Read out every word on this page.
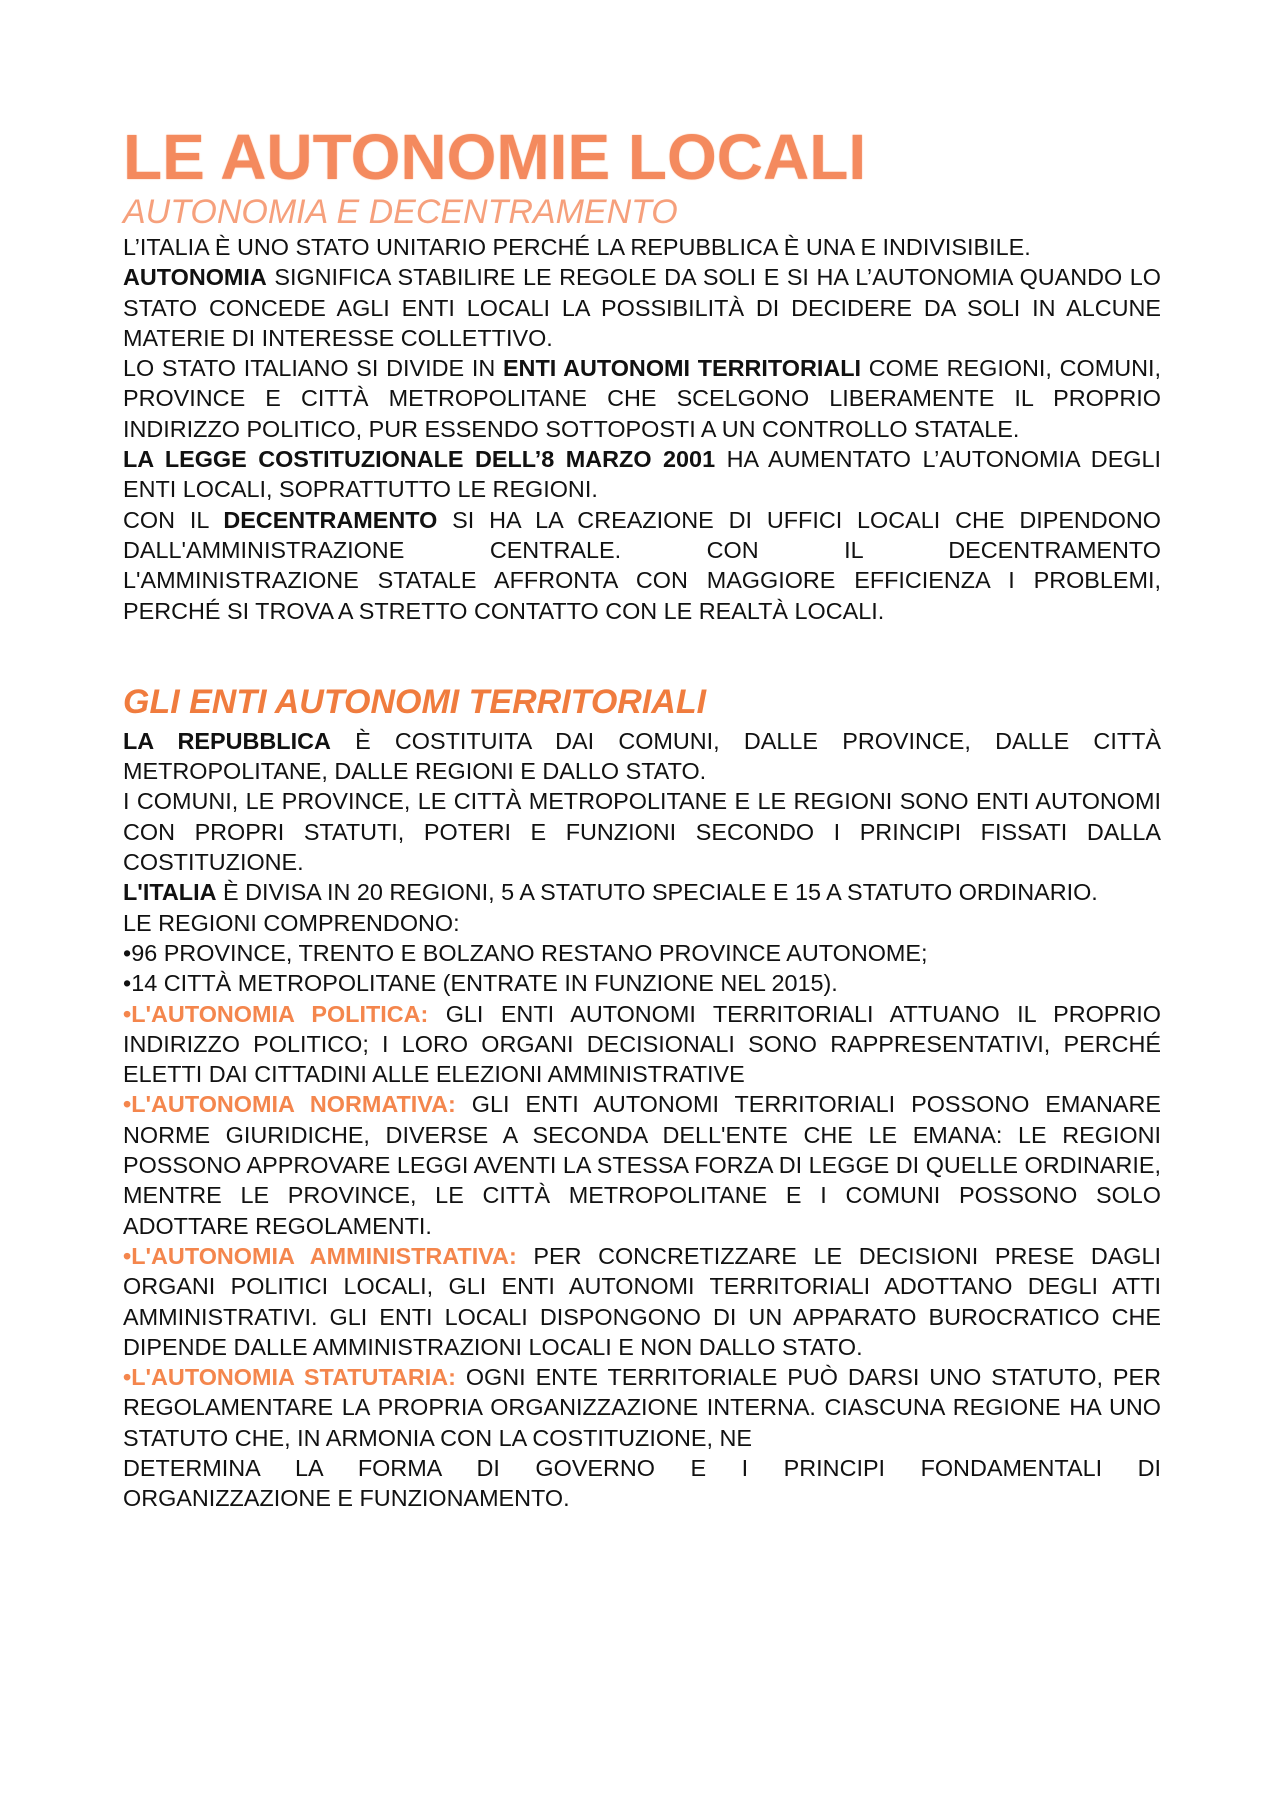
LE AUTONOMIE LOCALI
AUTONOMIA E DECENTRAMENTO

L’ITALIA È UNO STATO UNITARIO PERCHÉ LA REPUBBLICA È UNA E INDIVISIBILE.

AUTONOMIA SIGNIFICA STABILIRE LE REGOLE DA SOLI E SI HA L’AUTONOMIA QUANDO LO STATO CONCEDE AGLI ENTI LOCALI LA POSSIBILITÀ DI DECIDERE DA SOLI IN ALCUNE MATERIE DI INTERESSE COLLETTIVO.

LO STATO ITALIANO SI DIVIDE IN ENTI AUTONOMI TERRITORIALI COME REGIONI, COMUNI, PROVINCE E CITTÀ METROPOLITANE CHE SCELGONO LIBERAMENTE IL PROPRIO INDIRIZZO POLITICO, PUR ESSENDO SOTTOPOSTI A UN CONTROLLO STATALE.

LA LEGGE COSTITUZIONALE DELL’8 MARZO 2001 HA AUMENTATO L’AUTONOMIA DEGLI ENTI LOCALI, SOPRATTUTTO LE REGIONI.

CON IL DECENTRAMENTO SI HA LA CREAZIONE DI UFFICI LOCALI CHE DIPENDONO

DALL'AMMINISTRAZIONE CENTRALE. CON IL DECENTRAMENTO

L'AMMINISTRAZIONE STATALE AFFRONTA CON MAGGIORE EFFICIENZA I PROBLEMI, PERCHÉ SI TROVA A STRETTO CONTATTO CON LE REALTÀ LOCALI.

GLI ENTI AUTONOMI TERRITORIALI

LA REPUBBLICA È COSTITUITA DAI COMUNI, DALLE PROVINCE, DALLE CITTÀ METROPOLITANE, DALLE REGIONI E DALLO STATO.

I COMUNI, LE PROVINCE, LE CITTÀ METROPOLITANE E LE REGIONI SONO ENTI AUTONOMI CON PROPRI STATUTI, POTERI E FUNZIONI SECONDO I PRINCIPI FISSATI DALLA COSTITUZIONE.

L'ITALIA È DIVISA IN 20 REGIONI, 5 A STATUTO SPECIALE E 15 A STATUTO ORDINARIO.

LE REGIONI COMPRENDONO:

•96 PROVINCE, TRENTO E BOLZANO RESTANO PROVINCE AUTONOME;

•14 CITTÀ METROPOLITANE (ENTRATE IN FUNZIONE NEL 2015).

•L'AUTONOMIA POLITICA: GLI ENTI AUTONOMI TERRITORIALI ATTUANO IL PROPRIO INDIRIZZO POLITICO; I LORO ORGANI DECISIONALI SONO RAPPRESENTATIVI, PERCHÉ ELETTI DAI CITTADINI ALLE ELEZIONI AMMINISTRATIVE

•L'AUTONOMIA NORMATIVA: GLI ENTI AUTONOMI TERRITORIALI POSSONO EMANARE NORME GIURIDICHE, DIVERSE A SECONDA DELL'ENTE CHE LE EMANA: LE REGIONI POSSONO APPROVARE LEGGI AVENTI LA STESSA FORZA DI LEGGE DI QUELLE ORDINARIE, MENTRE LE PROVINCE, LE CITTÀ METROPOLITANE E I COMUNI POSSONO SOLO ADOTTARE REGOLAMENTI.

•L'AUTONOMIA AMMINISTRATIVA: PER CONCRETIZZARE LE DECISIONI PRESE DAGLI ORGANI POLITICI LOCALI, GLI ENTI AUTONOMI TERRITORIALI ADOTTANO DEGLI ATTI AMMINISTRATIVI. GLI ENTI LOCALI DISPONGONO DI UN APPARATO BUROCRATICO CHE DIPENDE DALLE AMMINISTRAZIONI LOCALI E NON DALLO STATO.

•L'AUTONOMIA STATUTARIA: OGNI ENTE TERRITORIALE PUÒ DARSI UNO STATUTO, PER REGOLAMENTARE LA PROPRIA ORGANIZZAZIONE INTERNA. CIASCUNA REGIONE HA UNO STATUTO CHE, IN ARMONIA CON LA COSTITUZIONE, NE

DETERMINA LA FORMA DI GOVERNO E I PRINCIPI FONDAMENTALI DI

ORGANIZZAZIONE E FUNZIONAMENTO.
